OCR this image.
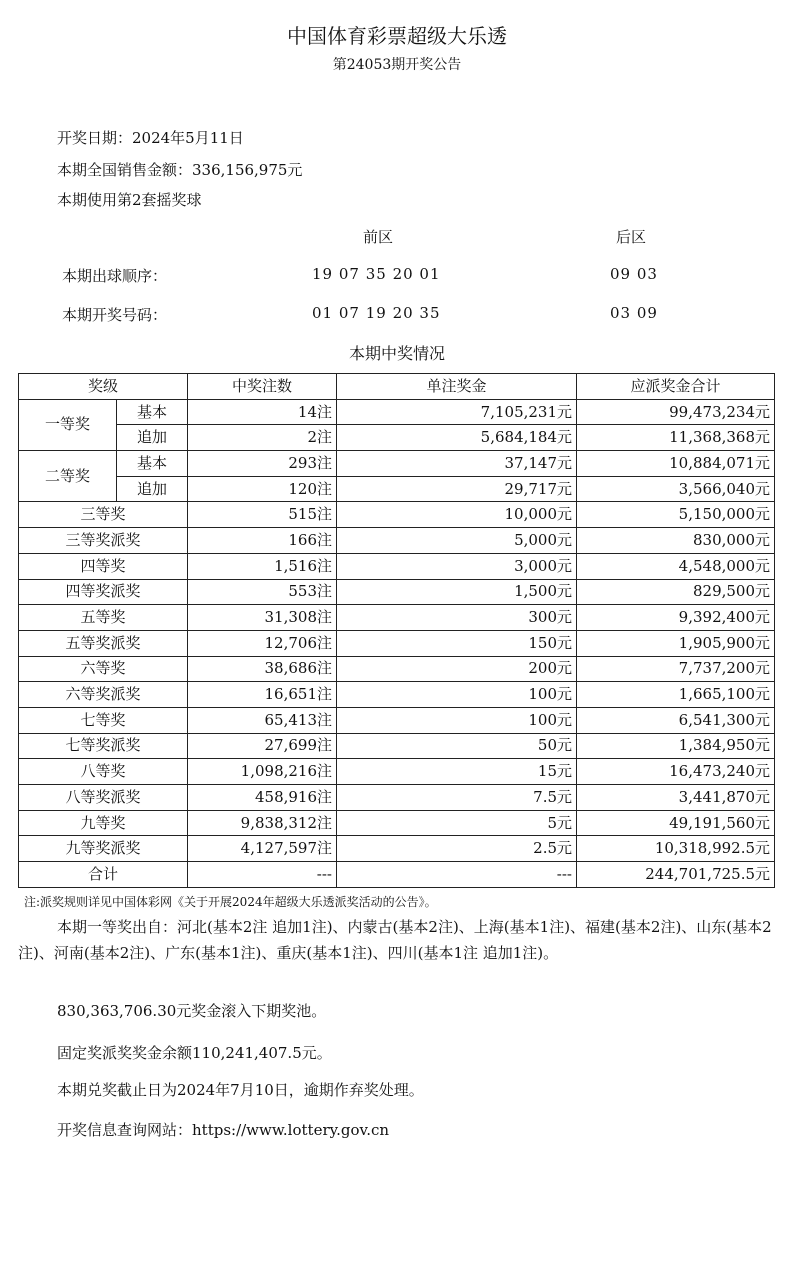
中国体育彩票超级大乐透
第24053期开奖公告
开奖日期：2024年5月11日
本期全国销售金额：336,156,975元
本期使用第2套摇奖球
前区	后区
本期出球顺序：	19 07 35 20 01	09 03
本期开奖号码：	01 07 19 20 35	03 09
本期中奖情况
奖级		中奖注数	单注奖金	应派奖金合计
一等奖	基本	14注	7,105,231元	99,473,234元
	追加	2注	5,684,184元	11,368,368元
二等奖	基本	293注	37,147元	10,884,071元
	追加	120注	29,717元	3,566,040元
三等奖		515注	10,000元	5,150,000元
三等奖派奖		166注	5,000元	830,000元
四等奖		1,516注	3,000元	4,548,000元
四等奖派奖		553注	1,500元	829,500元
五等奖		31,308注	300元	9,392,400元
五等奖派奖		12,706注	150元	1,905,900元
六等奖		38,686注	200元	7,737,200元
六等奖派奖		16,651注	100元	1,665,100元
七等奖		65,413注	100元	6,541,300元
七等奖派奖		27,699注	50元	1,384,950元
八等奖		1,098,216注	15元	16,473,240元
八等奖派奖		458,916注	7.5元	3,441,870元
九等奖		9,838,312注	5元	49,191,560元
九等奖派奖		4,127,597注	2.5元	10,318,992.5元
合计		---	---	244,701,725.5元
注:派奖规则详见中国体彩网《关于开展2024年超级大乐透派奖活动的公告》。
本期一等奖出自：河北(基本2注 追加1注)、内蒙古(基本2注)、上海(基本1注)、福建(基本2注)、山东(基本2注)、河南(基本2注)、广东(基本1注)、重庆(基本1注)、四川(基本1注 追加1注)。
830,363,706.30元奖金滚入下期奖池。
固定奖派奖奖金余额110,241,407.5元。
本期兑奖截止日为2024年7月10日，逾期作弃奖处理。
开奖信息查询网站：https://www.lottery.gov.cn
